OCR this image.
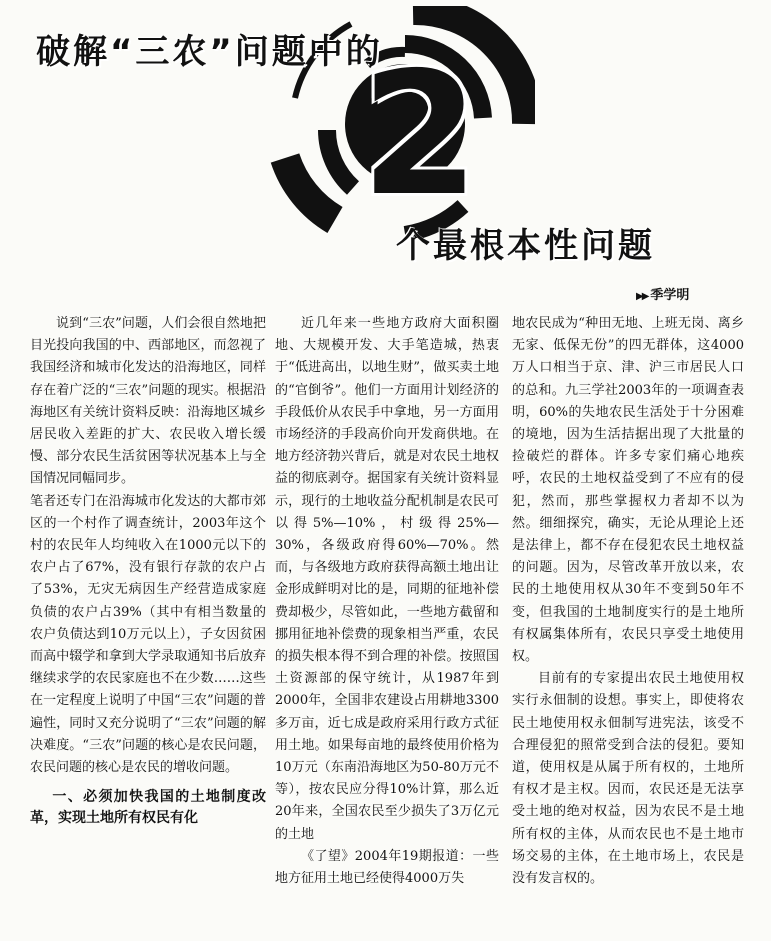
2
破解“三农”问题中的
个最根本性问题
▶▶ 季学明

说到“三农”问题，人们会很自然地把目光投向我国的中、西部地区，而忽视了我国经济和城市化发达的沿海地区，同样存在着广泛的“三农”问题的现实。根据沿海地区有关统计资料反映：沿海地区城乡居民收入差距的扩大、农民收入增长缓慢、部分农民生活贫困等状况基本上与全国情况同幅同步。

笔者还专门在沿海城市化发达的大都市郊区的一个村作了调查统计，2003年这个村的农民年人均纯收入在1000元以下的农户占了67%，没有银行存款的农户占了53%，无灾无病因生产经营造成家庭负债的农户占39%（其中有相当数量的农户负债达到10万元以上），子女因贫困而高中辍学和拿到大学录取通知书后放弃继续求学的农民家庭也不在少数……这些在一定程度上说明了中国“三农”问题的普遍性，同时又充分说明了“三农”问题的解决难度。“三农”问题的核心是农民问题，农民问题的核心是农民的增收问题。

一、必须加快我国的土地制度改革，实现土地所有权民有化

近几年来一些地方政府大面积圈地、大规模开发、大手笔造城，热衷于“低进高出，以地生财”，做买卖土地的“官倒爷”。他们一方面用计划经济的手段低价从农民手中拿地，另一方面用市场经济的手段高价向开发商供地。在地方经济勃兴背后，就是对农民土地权益的彻底剥夺。据国家有关统计资料显示，现行的土地收益分配机制是农民可以得5%—10%，村级得25%—30%，各级政府得60%—70%。然而，与各级地方政府获得高额土地出让金形成鲜明对比的是，同期的征地补偿费却极少，尽管如此，一些地方截留和挪用征地补偿费的现象相当严重，农民的损失根本得不到合理的补偿。按照国土资源部的保守统计，从1987年到2000年，全国非农建设占用耕地3300多万亩，近七成是政府采用行政方式征用土地。如果每亩地的最终使用价格为10万元（东南沿海地区为50-80万元不等），按农民应分得10%计算，那么近20年来，全国农民至少损失了3万亿元的土地

《了望》2004年19期报道：一些地方征用土地已经使得4000万失

地农民成为“种田无地、上班无岗、离乡无家、低保无份”的四无群体，这4000万人口相当于京、津、沪三市居民人口的总和。九三学社2003年的一项调查表明，60%的失地农民生活处于十分困难的境地，因为生活拮据出现了大批量的捡破烂的群体。许多专家们痛心地疾呼，农民的土地权益受到了不应有的侵犯，然而，那些掌握权力者却不以为然。细细探究，确实，无论从理论上还是法律上，都不存在侵犯农民土地权益的问题。因为，尽管改革开放以来，农民的土地使用权从30年不变到50年不变，但我国的土地制度实行的是土地所有权属集体所有，农民只享受土地使用权。

目前有的专家提出农民土地使用权实行永佃制的设想。事实上，即使将农民土地使用权永佃制写进宪法，该受不合理侵犯的照常受到合法的侵犯。要知道，使用权是从属于所有权的，土地所有权才是主权。因而，农民还是无法享受土地的绝对权益，因为农民不是土地所有权的主体，从而农民也不是土地市场交易的主体，在土地市场上，农民是没有发言权的。
